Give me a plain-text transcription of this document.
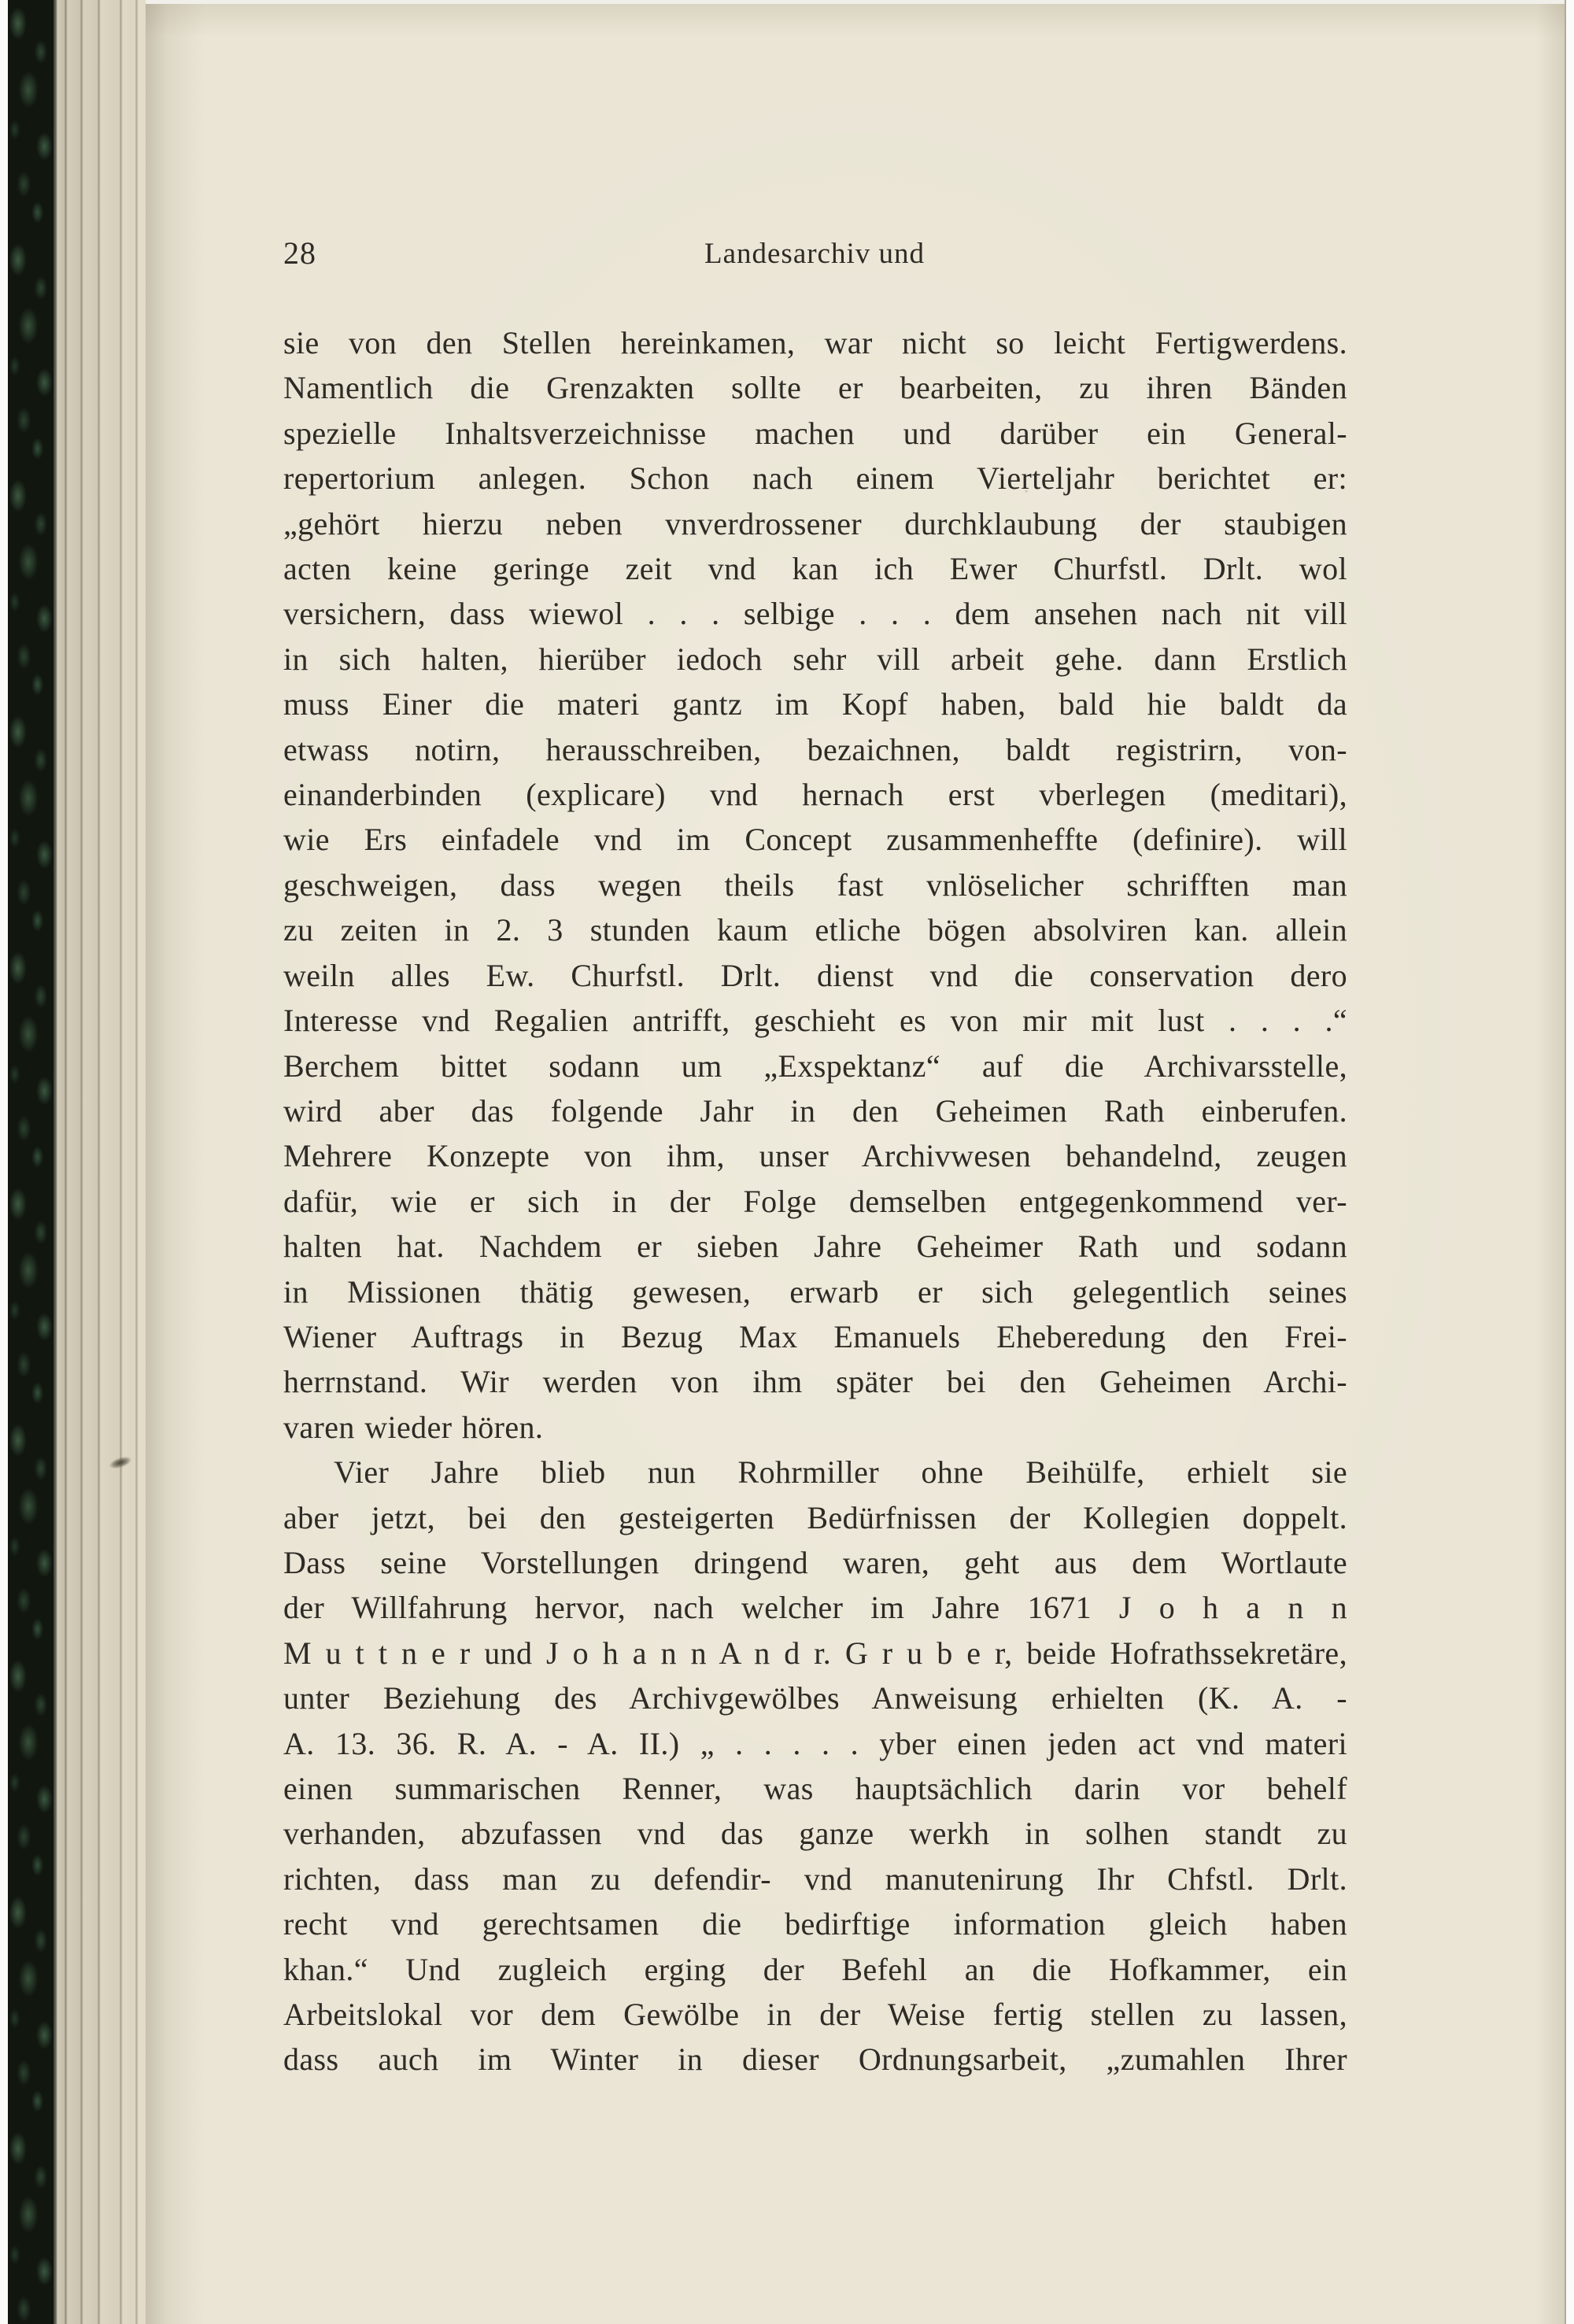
28	Landesarchiv und
sie von den Stellen hereinkamen, war nicht so leicht Fertigwerdens.
Namentlich die Grenzakten sollte er bearbeiten, zu ihren Bänden
spezielle Inhaltsverzeichnisse machen und darüber ein General-
repertorium anlegen. Schon nach einem Vierteljahr berichtet er:
„gehört hierzu neben vnverdrossener durchklaubung der staubigen
acten keine geringe zeit vnd kan ich Ewer Churfstl. Drlt. wol
versichern, dass wiewol . . . selbige . . . dem ansehen nach nit vill
in sich halten, hierüber iedoch sehr vill arbeit gehe. dann Erstlich
muss Einer die materi gantz im Kopf haben, bald hie baldt da
etwass notirn, herausschreiben, bezaichnen, baldt registrirn, von-
einanderbinden (explicare) vnd hernach erst vberlegen (meditari),
wie Ers einfadele vnd im Concept zusammenheffte (definire). will
geschweigen, dass wegen theils fast vnlöselicher schrifften man
zu zeiten in 2. 3 stunden kaum etliche bögen absolviren kan. allein
weiln alles Ew. Churfstl. Drlt. dienst vnd die conservation dero
Interesse vnd Regalien antrifft, geschieht es von mir mit lust . . . .“
Berchem bittet sodann um „Exspektanz“ auf die Archivarsstelle,
wird aber das folgende Jahr in den Geheimen Rath einberufen.
Mehrere Konzepte von ihm, unser Archivwesen behandelnd, zeugen
dafür, wie er sich in der Folge demselben entgegenkommend ver-
halten hat. Nachdem er sieben Jahre Geheimer Rath und sodann
in Missionen thätig gewesen, erwarb er sich gelegentlich seines
Wiener Auftrags in Bezug Max Emanuels Eheberedung den Frei-
herrnstand. Wir werden von ihm später bei den Geheimen Archi-
varen wieder hören.
Vier Jahre blieb nun Rohrmiller ohne Beihülfe, erhielt sie
aber jetzt, bei den gesteigerten Bedürfnissen der Kollegien doppelt.
Dass seine Vorstellungen dringend waren, geht aus dem Wortlaute
der Willfahrung hervor, nach welcher im Jahre 1671 J o h a n n
M u t t n e r und J o h a n n A n d r. G r u b e r, beide Hofrathssekretäre,
unter Beziehung des Archivgewölbes Anweisung erhielten (K. A. -
A. 13. 36. R. A. - A. II.) „ . . . . . yber einen jeden act vnd materi
einen summarischen Renner, was hauptsächlich darin vor behelf
verhanden, abzufassen vnd das ganze werkh in solhen standt zu
richten, dass man zu defendir- vnd manutenirung Ihr Chfstl. Drlt.
recht vnd gerechtsamen die bedirftige information gleich haben
khan.“ Und zugleich erging der Befehl an die Hofkammer, ein
Arbeitslokal vor dem Gewölbe in der Weise fertig stellen zu lassen,
dass auch im Winter in dieser Ordnungsarbeit, „zumahlen Ihrer
